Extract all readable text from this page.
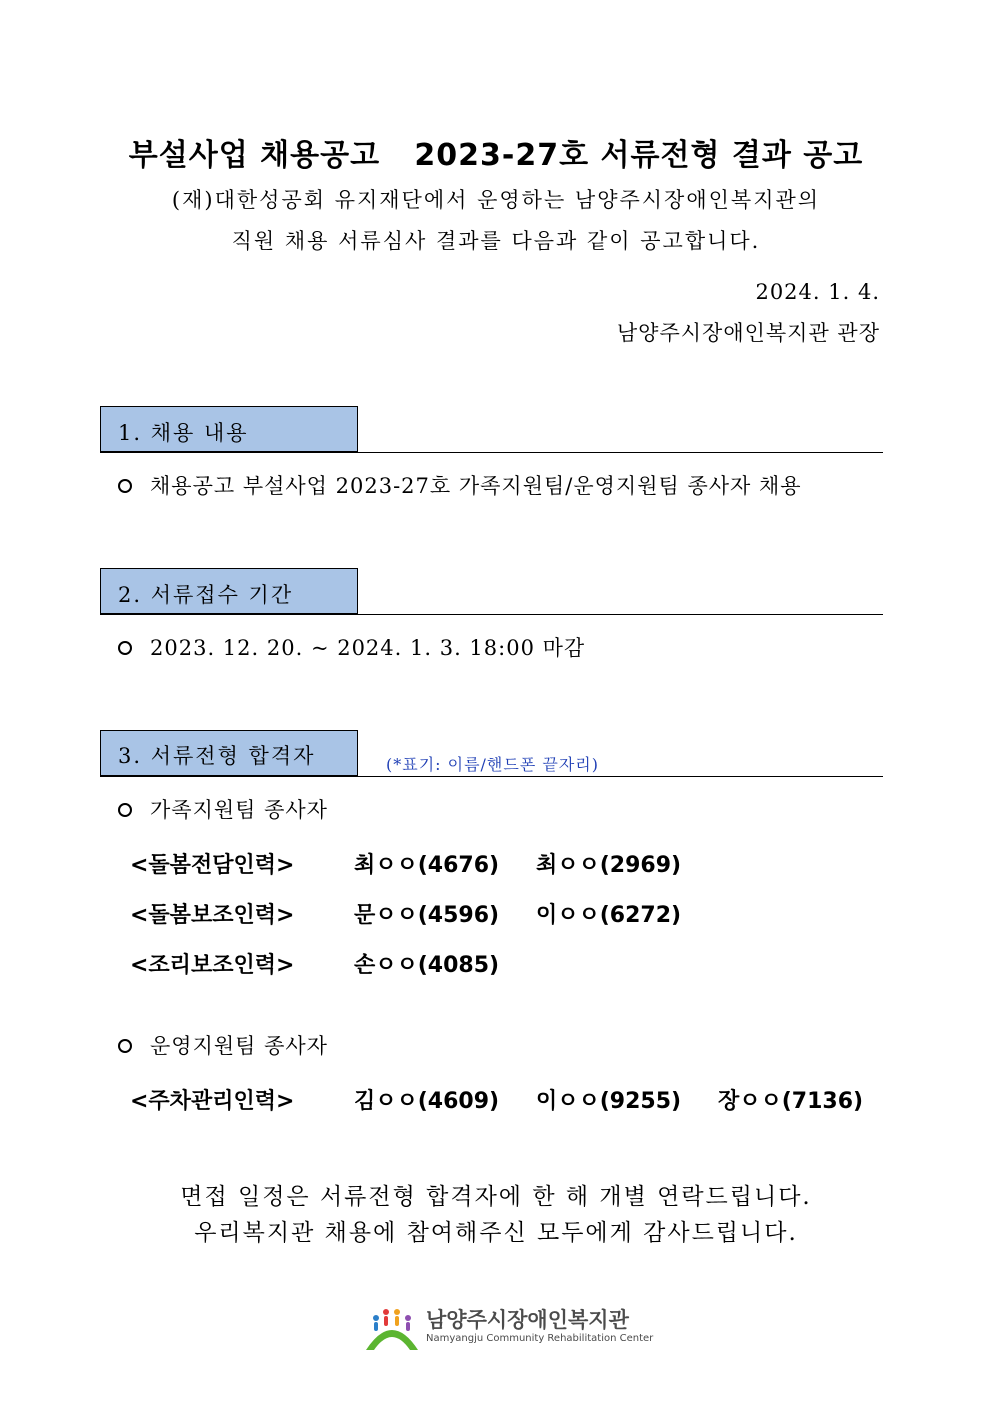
부설사업 채용공고   2023-27호 서류전형 결과 공고
(재)대한성공회 유지재단에서 운영하는 남양주시장애인복지관의
직원 채용 서류심사 결과를 다음과 같이 공고합니다.
2024. 1. 4.
남양주시장애인복지관 관장
1. 채용 내용
채용공고 부설사업 2023-27호 가족지원팀/운영지원팀 종사자 채용
2. 서류접수 기간
2023. 12. 20. ~ 2024. 1. 3. 18:00 마감
3. 서류전형 합격자	(*표기: 이름/핸드폰 끝자리)
가족지원팀 종사자
<돌봄전담인력>	최ㅇㅇ(4676) 최ㅇㅇ(2969)
<돌봄보조인력>	문ㅇㅇ(4596) 이ㅇㅇ(6272)
<조리보조인력>	손ㅇㅇ(4085)
운영지원팀 종사자
<주차관리인력>	김ㅇㅇ(4609) 이ㅇㅇ(9255) 장ㅇㅇ(7136)
면접 일정은 서류전형 합격자에 한 해 개별 연락드립니다.
우리복지관 채용에 참여해주신 모두에게 감사드립니다.
남양주시장애인복지관
Namyangju Community Rehabilitation Center
